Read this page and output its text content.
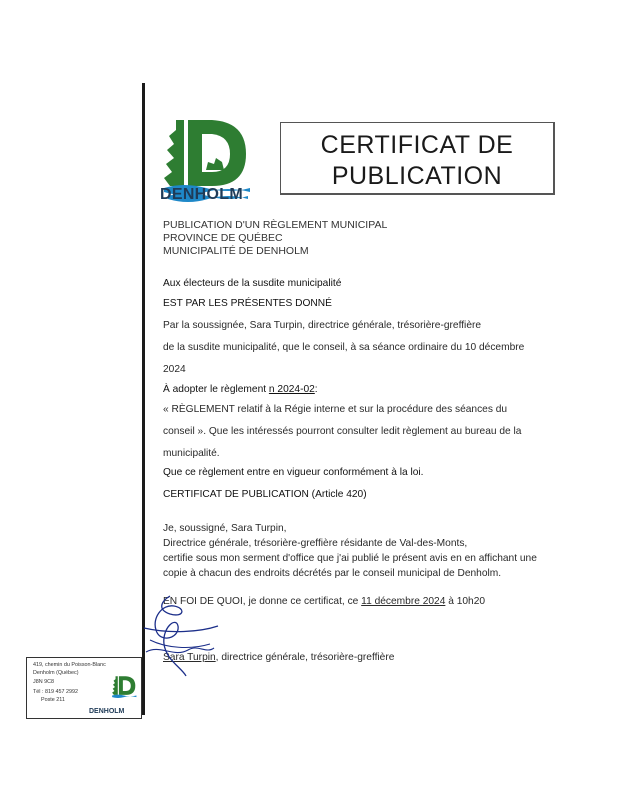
DENHOLM
CERTIFICAT DE
PUBLICATION
PUBLICATION D'UN RÈGLEMENT MUNICIPAL
PROVINCE DE QUÉBEC
MUNICIPALITÉ DE DENHOLM
Aux électeurs de la susdite municipalité
EST PAR LES PRÉSENTES DONNÉ
Par la soussignée, Sara Turpin, directrice générale, trésorière-greffière
de la susdite municipalité, que le conseil, à sa séance ordinaire du 10 décembre
2024
À adopter le règlement n 2024-02:
« RÈGLEMENT relatif à la Régie interne et sur la procédure des séances du
conseil ». Que les intéressés pourront consulter ledit règlement au bureau de la
municipalité.
Que ce règlement entre en vigueur conformément à la loi.
CERTIFICAT DE PUBLICATION (Article 420)
Je, soussigné, Sara Turpin,
Directrice générale, trésorière-greffière résidante de Val-des-Monts,
certifie sous mon serment d'office que j'ai publié le présent avis en en affichant une
copie à chacun des endroits décrétés par le conseil municipal de Denholm.
EN FOI DE QUOI, je donne ce certificat, ce 11 décembre 2024 à 10h20
Sara Turpin, directrice générale, trésorière-greffière
419, chemin du Poisson-Blanc
Denholm (Québec)
J8N 9C8
Tél : 819 457 2992
Poste 211
DENHOLM
